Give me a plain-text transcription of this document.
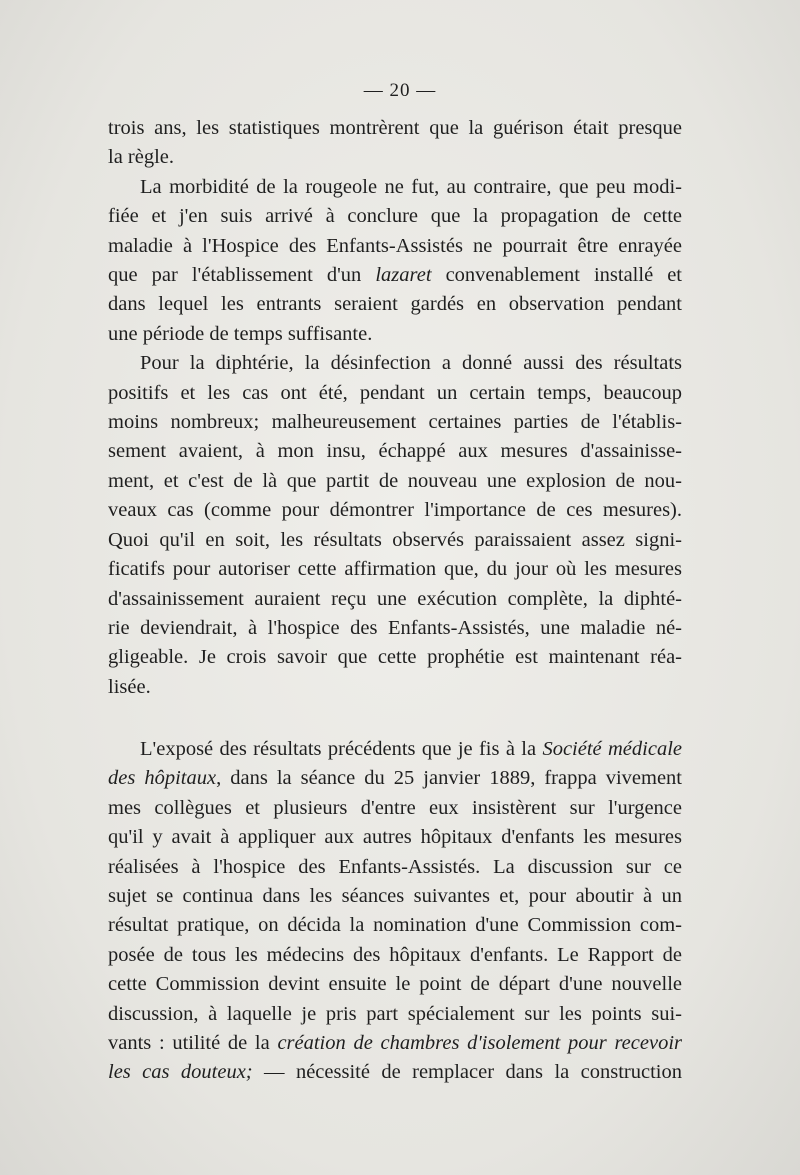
— 20 —
trois ans, les statistiques montrèrent que la guérison était presque
la règle.
La morbidité de la rougeole ne fut, au contraire, que peu modi-
fiée et j'en suis arrivé à conclure que la propagation de cette
maladie à l'Hospice des Enfants-Assistés ne pourrait être enrayée
que par l'établissement d'un lazaret convenablement installé et
dans lequel les entrants seraient gardés en observation pendant
une période de temps suffisante.
Pour la diphtérie, la désinfection a donné aussi des résultats
positifs et les cas ont été, pendant un certain temps, beaucoup
moins nombreux; malheureusement certaines parties de l'établis-
sement avaient, à mon insu, échappé aux mesures d'assainisse-
ment, et c'est de là que partit de nouveau une explosion de nou-
veaux cas (comme pour démontrer l'importance de ces mesures).
Quoi qu'il en soit, les résultats observés paraissaient assez signi-
ficatifs pour autoriser cette affirmation que, du jour où les mesures
d'assainissement auraient reçu une exécution complète, la diphté-
rie deviendrait, à l'hospice des Enfants-Assistés, une maladie né-
gligeable. Je crois savoir que cette prophétie est maintenant réa-
lisée.
L'exposé des résultats précédents que je fis à la Société médicale
des hôpitaux, dans la séance du 25 janvier 1889, frappa vivement
mes collègues et plusieurs d'entre eux insistèrent sur l'urgence
qu'il y avait à appliquer aux autres hôpitaux d'enfants les mesures
réalisées à l'hospice des Enfants-Assistés. La discussion sur ce
sujet se continua dans les séances suivantes et, pour aboutir à un
résultat pratique, on décida la nomination d'une Commission com-
posée de tous les médecins des hôpitaux d'enfants. Le Rapport de
cette Commission devint ensuite le point de départ d'une nouvelle
discussion, à laquelle je pris part spécialement sur les points sui-
vants : utilité de la création de chambres d'isolement pour recevoir
les cas douteux; — nécessité de remplacer dans la construction
